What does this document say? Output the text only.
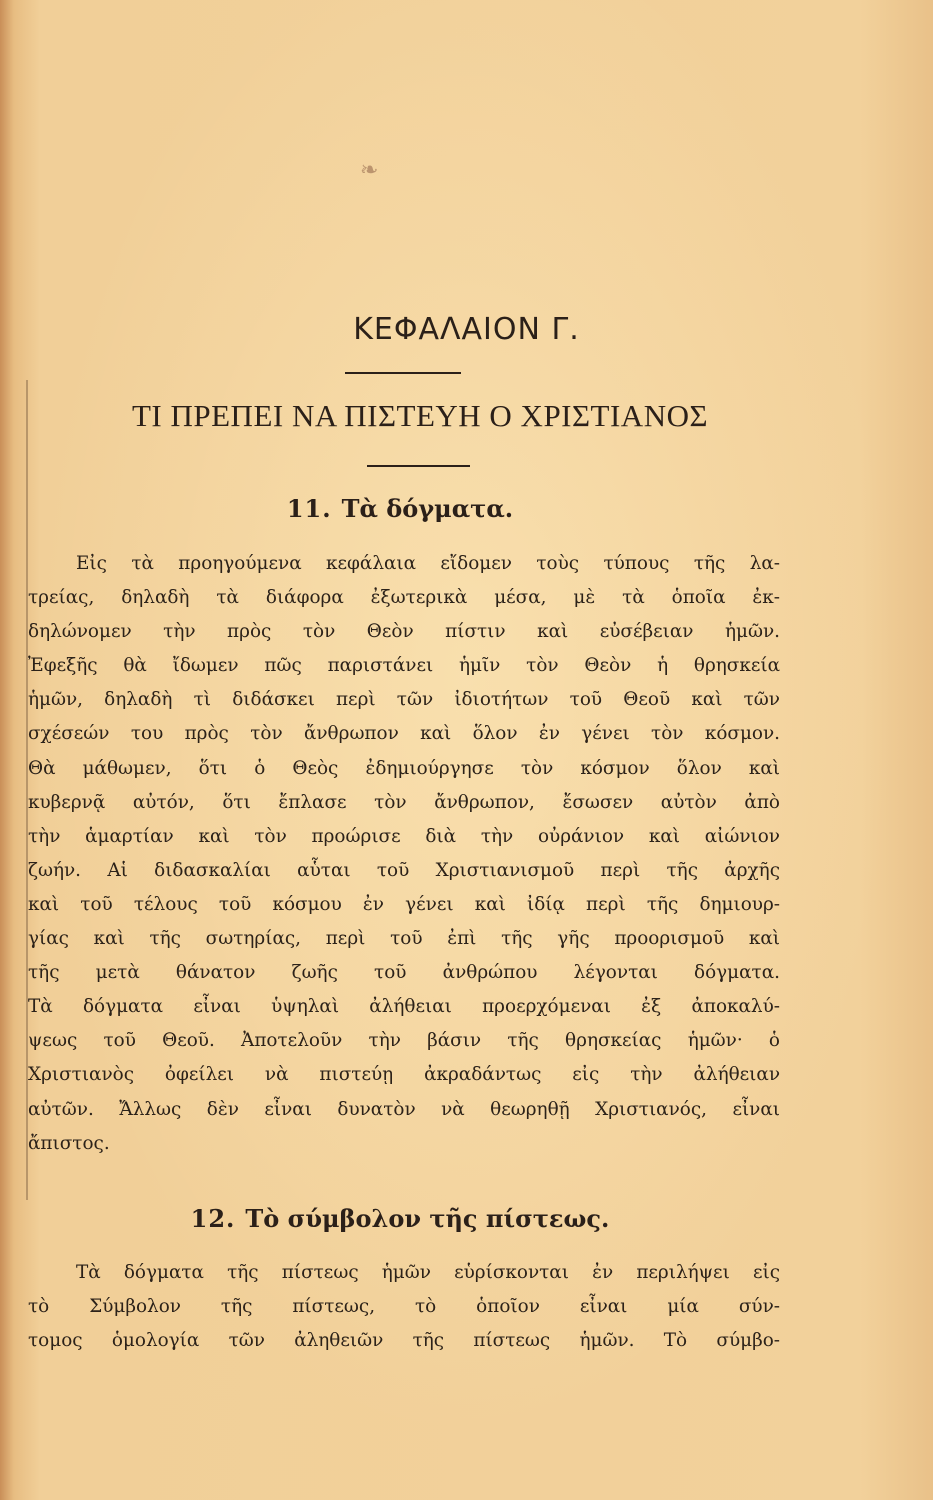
❧
ΚΕΦΑΛΑΙΟΝ Γ.
ΤΙ ΠΡΕΠΕΙ ΝΑ ΠΙΣΤΕΥΗ Ο ΧΡΙΣΤΙΑΝΟΣ
11. Τὰ δόγματα.
Εἰς τὰ προηγούμενα κεφάλαια εἴδομεν τοὺς τύπους τῆς λα-
τρείας, δηλαδὴ τὰ διάφορα ἐξωτερικὰ μέσα, μὲ τὰ ὁποῖα ἐκ-
δηλώνομεν τὴν πρὸς τὸν Θεὸν πίστιν καὶ εὐσέβειαν ἡμῶν.
Ἐφεξῆς θὰ ἴδωμεν πῶς παριστάνει ἡμῖν τὸν Θεὸν ἡ θρησκεία
ἡμῶν, δηλαδὴ τὶ διδάσκει περὶ τῶν ἰδιοτήτων τοῦ Θεοῦ καὶ τῶν
σχέσεών του πρὸς τὸν ἄνθρωπον καὶ ὅλον ἐν γένει τὸν κόσμον.
Θὰ μάθωμεν, ὅτι ὁ Θεὸς ἐδημιούργησε τὸν κόσμον ὅλον καὶ
κυβερνᾷ αὐτόν, ὅτι ἔπλασε τὸν ἄνθρωπον, ἔσωσεν αὐτὸν ἀπὸ
τὴν ἁμαρτίαν καὶ τὸν προώρισε διὰ τὴν οὐράνιον καὶ αἰώνιον
ζωήν. Αἱ διδασκαλίαι αὗται τοῦ Χριστιανισμοῦ περὶ τῆς ἀρχῆς
καὶ τοῦ τέλους τοῦ κόσμου ἐν γένει καὶ ἰδίᾳ περὶ τῆς δημιουρ-
γίας καὶ τῆς σωτηρίας, περὶ τοῦ ἐπὶ τῆς γῆς προορισμοῦ καὶ
τῆς μετὰ θάνατον ζωῆς τοῦ ἀνθρώπου λέγονται δόγματα.
Τὰ δόγματα εἶναι ὑψηλαὶ ἀλήθειαι προερχόμεναι ἐξ ἀποκαλύ-
ψεως τοῦ Θεοῦ. Ἀποτελοῦν τὴν βάσιν τῆς θρησκείας ἡμῶν· ὁ
Χριστιανὸς ὀφείλει νὰ πιστεύῃ ἀκραδάντως εἰς τὴν ἀλήθειαν
αὐτῶν. Ἄλλως δὲν εἶναι δυνατὸν νὰ θεωρηθῇ Χριστιανός, εἶναι
ἄπιστος.
12. Τὸ σύμβολον τῆς πίστεως.
Τὰ δόγματα τῆς πίστεως ἡμῶν εὑρίσκονται ἐν περιλήψει εἰς
τὸ Σύμβολον τῆς πίστεως, τὸ ὁποῖον εἶναι μία σύν-
τομος ὁμολογία τῶν ἀληθειῶν τῆς πίστεως ἡμῶν. Τὸ σύμβο-
